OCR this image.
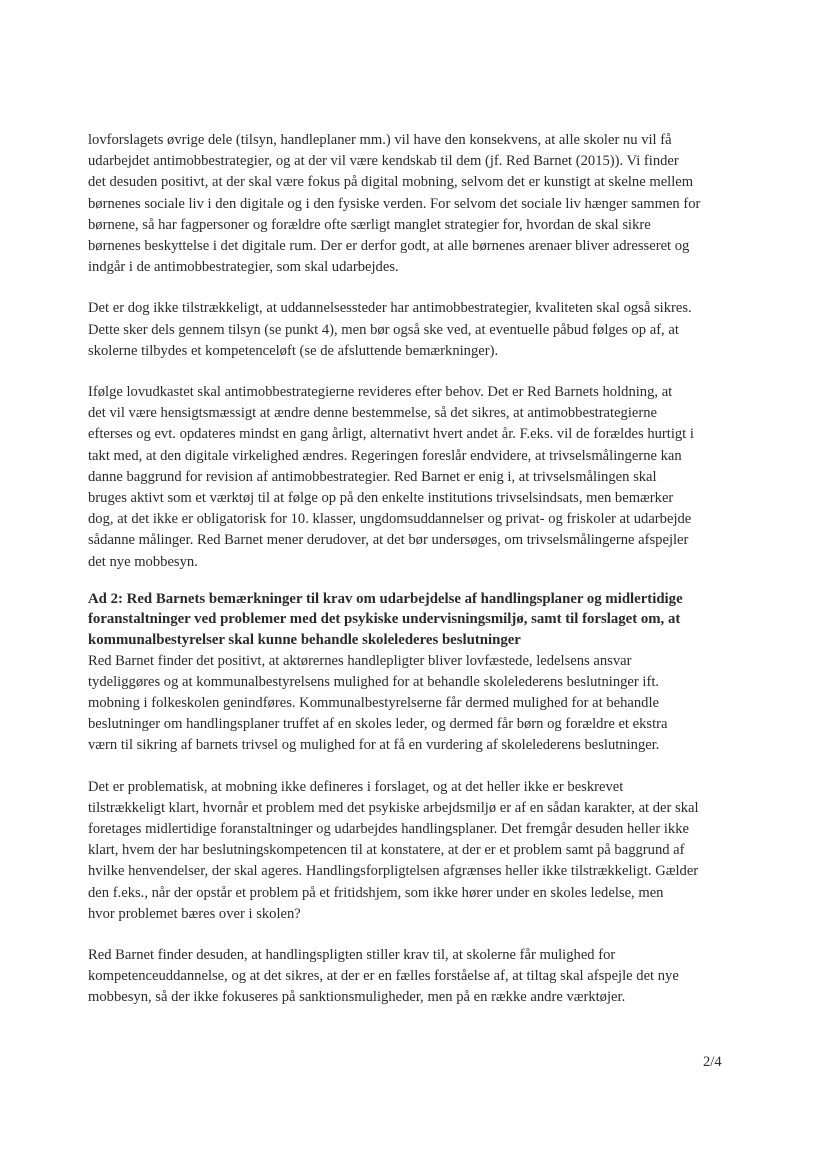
lovforslagets øvrige dele (tilsyn, handleplaner mm.) vil have den konsekvens, at alle skoler nu vil få
udarbejdet antimobbestrategier, og at der vil være kendskab til dem (jf. Red Barnet (2015)). Vi finder
det desuden positivt, at der skal være fokus på digital mobning, selvom det er kunstigt at skelne mellem
børnenes sociale liv i den digitale og i den fysiske verden. For selvom det sociale liv hænger sammen for
børnene, så har fagpersoner og forældre ofte særligt manglet strategier for, hvordan de skal sikre
børnenes beskyttelse i det digitale rum. Der er derfor godt, at alle børnenes arenaer bliver adresseret og
indgår i de antimobbestrategier, som skal udarbejdes.

Det er dog ikke tilstrækkeligt, at uddannelsessteder har antimobbestrategier, kvaliteten skal også sikres.
Dette sker dels gennem tilsyn (se punkt 4), men bør også ske ved, at eventuelle påbud følges op af, at
skolerne tilbydes et kompetenceløft (se de afsluttende bemærkninger).

Ifølge lovudkastet skal antimobbestrategierne revideres efter behov. Det er Red Barnets holdning, at
det vil være hensigtsmæssigt at ændre denne bestemmelse, så det sikres, at antimobbestrategierne
efterses og evt. opdateres mindst en gang årligt, alternativt hvert andet år. F.eks. vil de forældes hurtigt i
takt med, at den digitale virkelighed ændres. Regeringen foreslår endvidere, at trivselsmålingerne kan
danne baggrund for revision af antimobbestrategier. Red Barnet er enig i, at trivselsmålingen skal
bruges aktivt som et værktøj til at følge op på den enkelte institutions trivselsindsats, men bemærker
dog, at det ikke er obligatorisk for 10. klasser, ungdomsuddannelser og privat- og friskoler at udarbejde
sådanne målinger. Red Barnet mener derudover, at det bør undersøges, om trivselsmålingerne afspejler
det nye mobbesyn.

Ad 2: Red Barnets bemærkninger til krav om udarbejdelse af handlingsplaner og midlertidige
foranstaltninger ved problemer med det psykiske undervisningsmiljø, samt til forslaget om, at
kommunalbestyrelser skal kunne behandle skolelederes beslutninger

Red Barnet finder det positivt, at aktørernes handlepligter bliver lovfæstede, ledelsens ansvar
tydeliggøres og at kommunalbestyrelsens mulighed for at behandle skolelederens beslutninger ift.
mobning i folkeskolen genindføres. Kommunalbestyrelserne får dermed mulighed for at behandle
beslutninger om handlingsplaner truffet af en skoles leder, og dermed får børn og forældre et ekstra
værn til sikring af barnets trivsel og mulighed for at få en vurdering af skolelederens beslutninger.

Det er problematisk, at mobning ikke defineres i forslaget, og at det heller ikke er beskrevet
tilstrækkeligt klart, hvornår et problem med det psykiske arbejdsmiljø er af en sådan karakter, at der skal
foretages midlertidige foranstaltninger og udarbejdes handlingsplaner. Det fremgår desuden heller ikke
klart, hvem der har beslutningskompetencen til at konstatere, at der er et problem samt på baggrund af
hvilke henvendelser, der skal ageres. Handlingsforpligtelsen afgrænses heller ikke tilstrækkeligt. Gælder
den f.eks., når der opstår et problem på et fritidshjem, som ikke hører under en skoles ledelse, men
hvor problemet bæres over i skolen?

Red Barnet finder desuden, at handlingspligten stiller krav til, at skolerne får mulighed for
kompetenceuddannelse, og at det sikres, at der er en fælles forståelse af, at tiltag skal afspejle det nye
mobbesyn, så der ikke fokuseres på sanktionsmuligheder, men på en række andre værktøjer.

2/4
